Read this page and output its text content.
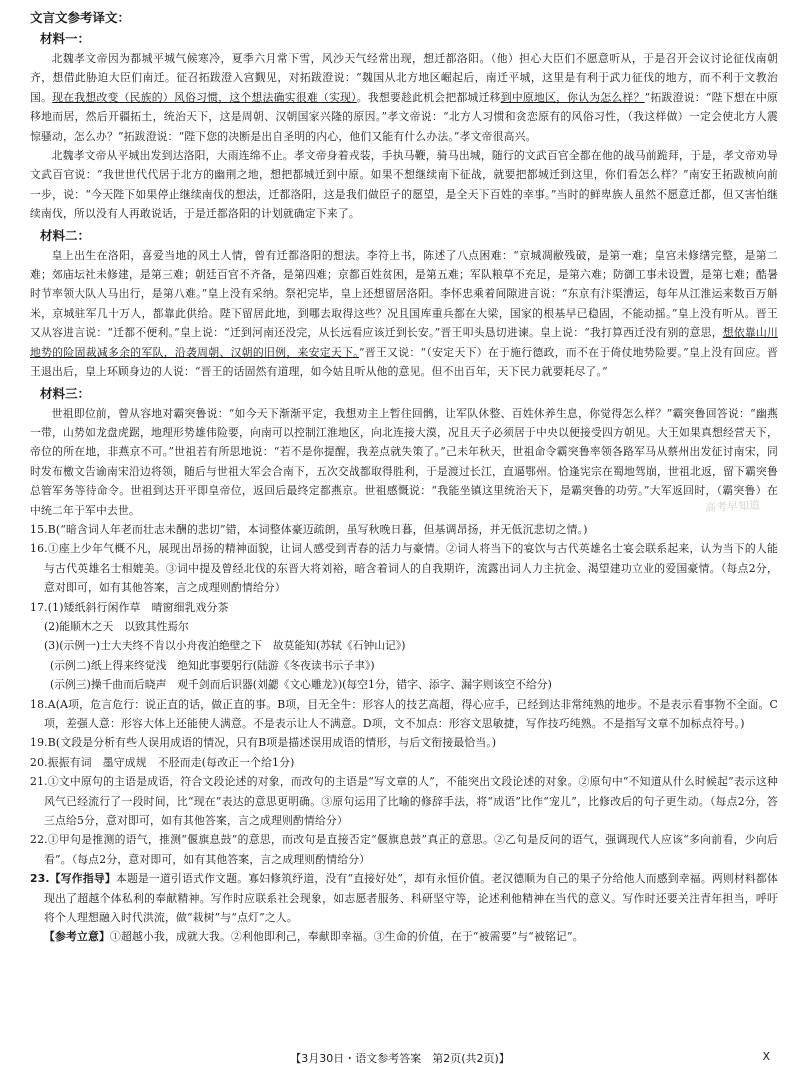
文言文参考译文：
材料一：

北魏孝文帝因为都城平城气候寒冷，夏季六月常下雪，风沙天气经常出现，想迁都洛阳。（他）担心大臣们不愿意听从，于是召开会议讨论征伐南朝齐，想借此胁迫大臣们南迁。征召拓跋澄入宫觐见，对拓跋澄说：“魏国从北方地区崛起后，南迁平城，这里是有利于武力征伐的地方，而不利于文教治国。现在我想改变（民族的）风俗习惯，这个想法确实很难（实现）。我想要趁此机会把都城迁移到中原地区，你认为怎么样？”拓跋澄说：“陛下想在中原移地而居，然后开疆拓土，统治天下，这是周朝、汉朝国家兴隆的原因。”孝文帝说：“北方人习惯和贪恋原有的风俗习性，（我这样做）一定会使北方人震惊骚动，怎么办？”拓跋澄说：“陛下您的决断是出自圣明的内心，他们又能有什么办法。”孝文帝很高兴。

北魏孝文帝从平城出发到达洛阳，大雨连绵不止。孝文帝身着戎装，手执马鞭，骑马出城，随行的文武百官全都在他的战马前跪拜，于是，孝文帝劝导文武百官说：“我世世代代居于北方的幽荆之地，想把都城迁到中原。如果不想继续南下征战，就要把都城迁到这里，你们看怎么样？”南安王拓跋桢向前一步，说：“今天陛下如果停止继续南伐的想法，迁都洛阳，这是我们做臣子的愿望，是全天下百姓的幸事。”当时的鲜卑族人虽然不愿意迁都，但又害怕继续南伐，所以没有人再敢说话，于是迁都洛阳的计划就确定下来了。

材料二：

皇上出生在洛阳，喜爱当地的风土人情，曾有迁都洛阳的想法。李符上书，陈述了八点困难：“京城凋敝残破，是第一难；皇宫未修缮完整，是第二难；郊庙坛社未修建，是第三难；朝廷百官不齐备，是第四难；京都百姓贫困，是第五难；军队粮草不充足，是第六难；防御工事未设置，是第七难；酷暑时节率领大队人马出行，是第八难。”皇上没有采纳。祭祀完毕，皇上还想留居洛阳。李怀忠乘着间隙进言说：“东京有汴渠漕运，每年从江淮运来数百万斛米，京城驻军几十万人，都靠此供给。陛下留居此地，到哪去取得这些？况且国库重兵都在大梁，国家的根基早已稳固，不能动摇。”皇上没有听从。晋王又从容进言说：“迁都不便利。”皇上说：“迁到河南还没完，从长远看应该迁到长安。”晋王叩头恳切进谏。皇上说：“我打算西迁没有别的意思，想依靠山川地势的险固裁减多余的军队，沿袭周朝、汉朝的旧例，来安定天下。”晋王又说：“（安定天下）在于施行德政，而不在于倚仗地势险要。”皇上没有回应。晋王退出后，皇上环顾身边的人说：“晋王的话固然有道理，如今姑且听从他的意见。但不出百年，天下民力就要耗尽了。”

材料三：

世祖即位前，曾从容地对霸突鲁说：“如今天下渐渐平定，我想劝主上暂住回鹘，让军队休整、百姓休养生息，你觉得怎么样？”霸突鲁回答说：“幽燕一带，山势如龙盘虎踞，地理形势雄伟险要，向南可以控制江淮地区，向北连接大漠，况且天子必须居于中央以便接受四方朝见。大王如果真想经营天下，帝位的所在地，非燕京不可。”世祖若有所思地说：“若不是你提醒，我差点就失策了。”己未年秋天，世祖命令霸突鲁率领各路军马从蔡州出发征讨南宋，同时发布檄文告谕南宋沿边将领，随后与世祖大军会合南下，五次交战都取得胜利，于是渡过长江，直逼鄂州。恰逢宪宗在蜀地驾崩，世祖北返，留下霸突鲁总管军务等待命令。世祖到达开平即皇帝位，返回后最终定都燕京。世祖感慨说：“我能坐镇这里统治天下，是霸突鲁的功劳。”大军返回时，（霸突鲁）在中统二年于军中去世。

15.B(“暗含词人年老而壮志未酬的悲切”错，本词整体豪迈疏朗，虽写秋晚日暮，但基调昂扬，并无低沉悲切之情。)

16.①座上少年气概不凡，展现出昂扬的精神面貌，让词人感受到青春的活力与豪情。②词人将当下的宴饮与古代英雄名士宴会联系起来，认为当下的人能与古代英雄名士相媲美。③词中提及曾经北伐的东晋大将刘裕，暗含着词人的自我期许，流露出词人力主抗金、渴望建功立业的爱国豪情。（每点2分，意对即可，如有其他答案，言之成理则酌情给分）

17.(1)矮纸斜行闲作草　晴窗细乳戏分茶

(2)能顺木之天　以致其性焉尔

(3)(示例一)士大夫终不肯以小舟夜泊绝壁之下　故莫能知(苏轼《石钟山记》)

(示例二)纸上得来终觉浅　绝知此事要躬行(陆游《冬夜读书示子聿》)

(示例三)操千曲而后晓声　观千剑而后识器(刘勰《文心雕龙》)(每空1分，错字、添字、漏字则该空不给分)

18.A(A项，危言危行：说正直的话，做正直的事。B项，目无全牛：形容人的技艺高超，得心应手，已经到达非常纯熟的地步。不是表示看事物不全面。C项，差强人意：形容大体上还能使人满意。不是表示让人不满意。D项，文不加点：形容文思敏捷，写作技巧纯熟。不是指写文章不加标点符号。)

19.B(文段是分析有些人误用成语的情况，只有B项是描述误用成语的情形，与后文衔接最恰当。)

20.振振有词　墨守成规　不胫而走(每改正一个给1分)

21.①文中原句的主语是成语，符合文段论述的对象，而改句的主语是“写文章的人”，不能突出文段论述的对象。②原句中“不知道从什么时候起”表示这种风气已经流行了一段时间，比“现在”表达的意思更明确。③原句运用了比喻的修辞手法，将“成语”比作“宠儿”，比修改后的句子更生动。（每点2分，答三点给5分，意对即可，如有其他答案，言之成理则酌情给分）

22.①甲句是推测的语气，推测“偃旗息鼓”的意思，而改句是直接否定“偃旗息鼓”真正的意思。②乙句是反问的语气，强调现代人应该“多向前看，少向后看”。（每点2分，意对即可，如有其他答案，言之成理则酌情给分）

23.【写作指导】本题是一道引语式作文题。寡妇修筑纾道，没有“直接好处”，却有永恒价值。老汉德顺为自己的果子分给他人而感到幸福。两则材料都体现出了超越个体私利的奉献精神。写作时应联系社会现象，如志愿者服务、科研坚守等，论述利他精神在当代的意义。写作时还要关注青年担当，呼吁将个人理想融入时代洪流，做“栽树”与“点灯”之人。

【参考立意】①超越小我，成就大我。②利他即利己，奉献即幸福。③生命的价值，在于“被需要”与“被铭记”。

高考早知道
【3月30日・语文参考答案　第2页(共2页)】	X
